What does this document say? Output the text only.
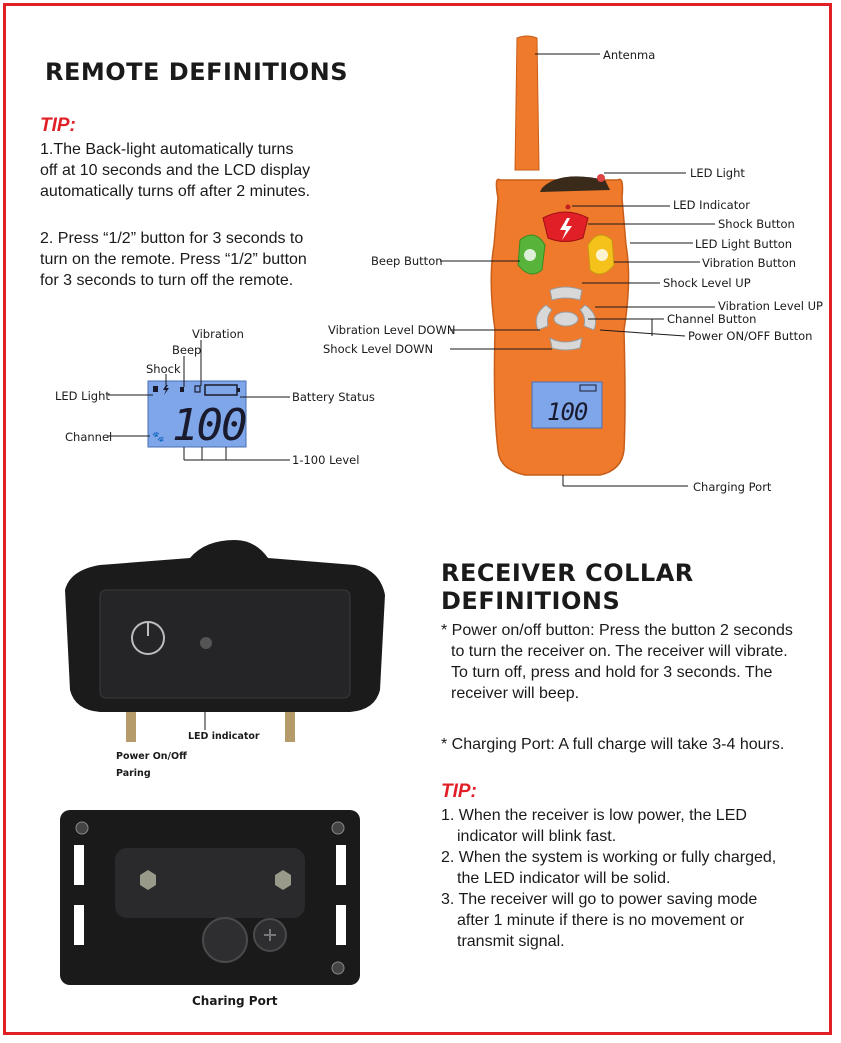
REMOTE DEFINITIONS
TIP:
1.The Back-light automatically turns
off at 10 seconds and the LCD display
automatically turns off after 2 minutes.
2. Press “1/2” button for 3 seconds to
turn on the remote. Press “1/2” button
for 3 seconds to turn off the remote.
🐾 100
Vibration
Beep
Shock
LED Light
Channel
Battery Status
1-100 Level
100
Antenma
LED Light
LED Indicator
Shock Button
LED Light Button
Vibration Button
Beep Button
Shock Level UP
Vibration Level UP
Channel Button
Power ON/OFF Button
Vibration Level DOWN
Shock Level DOWN
Charging Port
LED indicator
Power On/Off
Paring
Charing Port
RECEIVER COLLAR
DEFINITIONS
* Power on/off button: Press the button 2 seconds
to turn the receiver on. The receiver will vibrate.
To turn off, press and hold for 3 seconds. The
receiver will beep.
* Charging Port: A full charge will take 3-4 hours.
TIP:
1. When the receiver is low power, the LED
indicator will blink fast.
2. When the system is working or fully charged,
the LED indicator will be solid.
3. The receiver will go to power saving mode
after 1 minute if there is no movement or
transmit signal.
